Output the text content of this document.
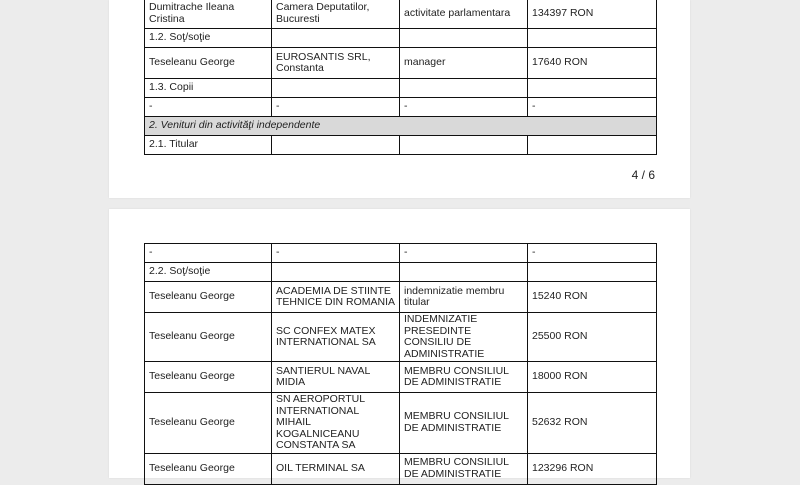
Dumitrache Ileana Cristina	Camera Deputatilor, Bucuresti	activitate parlamentara	134397 RON
1.2. Soţ/soţie			
Teseleanu George	EUROSANTIS SRL, Constanta	manager	17640 RON
1.3. Copii			
-	-	-	-
2. Venituri din activităţi independente			
2.1. Titular			
4 / 6
-	-	-	-
2.2. Soţ/soţie			
Teseleanu George	ACADEMIA DE STIINTE TEHNICE DIN ROMANIA	indemnizatie membru titular	15240 RON
Teseleanu George	SC CONFEX MATEX INTERNATIONAL SA	INDEMNIZATIE PRESEDINTE CONSILIU DE ADMINISTRATIE	25500 RON
Teseleanu George	SANTIERUL NAVAL MIDIA	MEMBRU CONSILIUL DE ADMINISTRATIE	18000 RON
Teseleanu George	SN AEROPORTUL INTERNATIONAL MIHAIL KOGALNICEANU CONSTANTA SA	MEMBRU CONSILIUL DE ADMINISTRATIE	52632 RON
Teseleanu George	OIL TERMINAL SA	MEMBRU CONSILIUL DE ADMINISTRATIE	123296 RON
